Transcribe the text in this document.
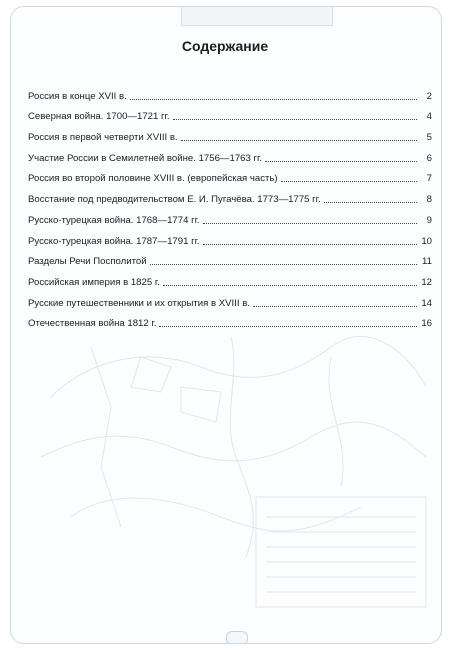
Содержание
Россия в конце XVII в.	2
Северная война. 1700—1721 гг.	4
Россия в первой четверти XVIII в.	5
Участие России в Семилетней войне. 1756—1763 гг.	6
Россия во второй половине XVIII в. (европейская часть)	7
Восстание под предводительством Е. И. Пугачёва. 1773—1775 гг.	8
Русско-турецкая война. 1768—1774 гг.	9
Русско-турецкая война. 1787—1791 гг.	10
Разделы Речи Посполитой	11
Российская империя в 1825 г.	12
Русские путешественники и их открытия в XVIII в.	14
Отечественная война 1812 г.	16
